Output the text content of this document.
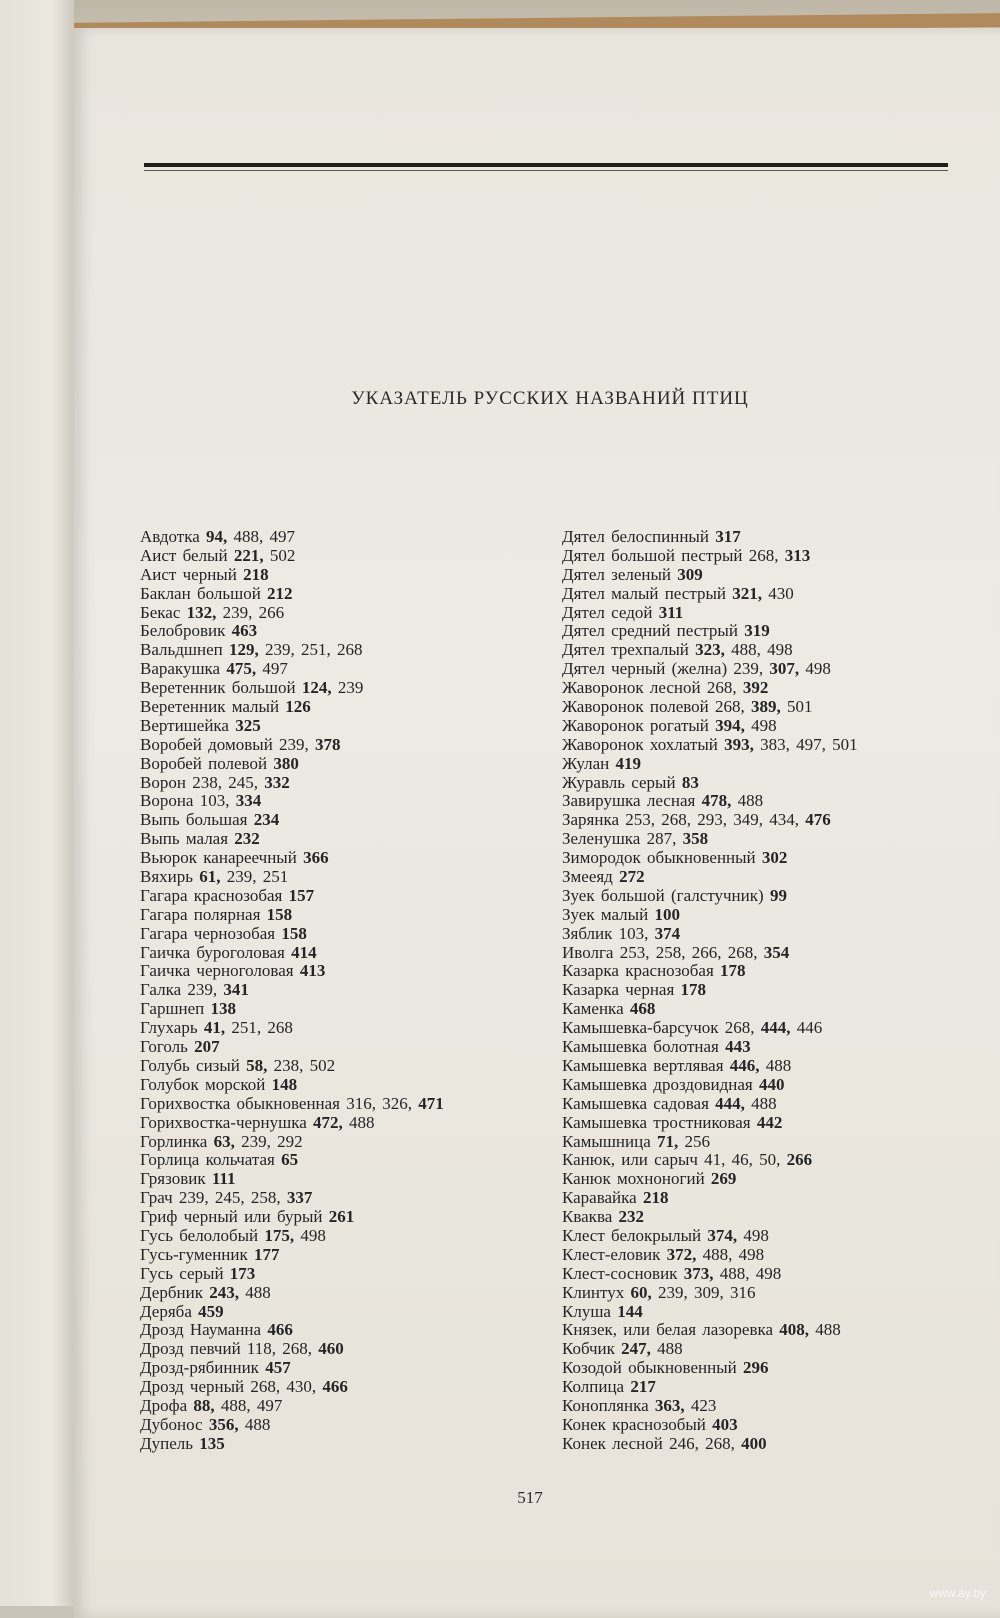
УКАЗАТЕЛЬ РУССКИХ НАЗВАНИЙ ПТИЦ
Авдотка 94, 488, 497
Аист белый 221, 502
Аист черный 218
Баклан большой 212
Бекас 132, 239, 266
Белобровик 463
Вальдшнеп 129, 239, 251, 268
Варакушка 475, 497
Веретенник большой 124, 239
Веретенник малый 126
Вертишейка 325
Воробей домовый 239, 378
Воробей полевой 380
Ворон 238, 245, 332
Ворона 103, 334
Выпь большая 234
Выпь малая 232
Вьюрок канареечный 366
Вяхирь 61, 239, 251
Гагара краснозобая 157
Гагара полярная 158
Гагара чернозобая 158
Гаичка буроголовая 414
Гаичка черноголовая 413
Галка 239, 341
Гаршнеп 138
Глухарь 41, 251, 268
Гоголь 207
Голубь сизый 58, 238, 502
Голубок морской 148
Горихвостка обыкновенная 316, 326, 471
Горихвостка-чернушка 472, 488
Горлинка 63, 239, 292
Горлица кольчатая 65
Грязовик 111
Грач 239, 245, 258, 337
Гриф черный или бурый 261
Гусь белолобый 175, 498
Гусь-гуменник 177
Гусь серый 173
Дербник 243, 488
Деряба 459
Дрозд Науманна 466
Дрозд певчий 118, 268, 460
Дрозд-рябинник 457
Дрозд черный 268, 430, 466
Дрофа 88, 488, 497
Дубонос 356, 488
Дупель 135
Дятел белоспинный 317
Дятел большой пестрый 268, 313
Дятел зеленый 309
Дятел малый пестрый 321, 430
Дятел седой 311
Дятел средний пестрый 319
Дятел трехпалый 323, 488, 498
Дятел черный (желна) 239, 307, 498
Жаворонок лесной 268, 392
Жаворонок полевой 268, 389, 501
Жаворонок рогатый 394, 498
Жаворонок хохлатый 393, 383, 497, 501
Жулан 419
Журавль серый 83
Завирушка лесная 478, 488
Зарянка 253, 268, 293, 349, 434, 476
Зеленушка 287, 358
Зимородок обыкновенный 302
Змееяд 272
Зуек большой (галстучник) 99
Зуек малый 100
Зяблик 103, 374
Иволга 253, 258, 266, 268, 354
Казарка краснозобая 178
Казарка черная 178
Каменка 468
Камышевка-барсучок 268, 444, 446
Камышевка болотная 443
Камышевка вертлявая 446, 488
Камышевка дроздовидная 440
Камышевка садовая 444, 488
Камышевка тростниковая 442
Камышница 71, 256
Канюк, или сарыч 41, 46, 50, 266
Канюк мохноногий 269
Каравайка 218
Кваква 232
Клест белокрылый 374, 498
Клест-еловик 372, 488, 498
Клест-сосновик 373, 488, 498
Клинтух 60, 239, 309, 316
Клуша 144
Князек, или белая лазоревка 408, 488
Кобчик 247, 488
Козодой обыкновенный 296
Колпица 217
Коноплянка 363, 423
Конек краснозобый 403
Конек лесной 246, 268, 400
517
www.ay.by
